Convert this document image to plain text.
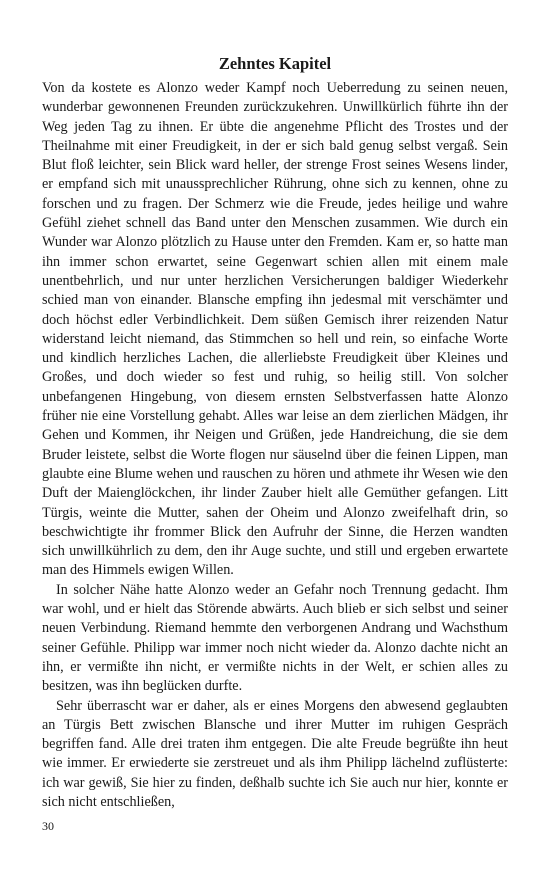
Zehntes Kapitel

Von da kostete es Alonzo weder Kampf noch Ueberredung zu seinen neuen, wunderbar gewonnenen Freunden zurückzukehren. Unwillkürlich führte ihn der Weg jeden Tag zu ihnen. Er übte die angenehme Pflicht des Trostes und der Theilnahme mit einer Freudigkeit, in der er sich bald genug selbst vergaß. Sein Blut floß leichter, sein Blick ward heller, der strenge Frost seines Wesens linder, er empfand sich mit unaussprechlicher Rührung, ohne sich zu kennen, ohne zu forschen und zu fragen. Der Schmerz wie die Freude, jedes heilige und wahre Gefühl ziehet schnell das Band unter den Menschen zusammen. Wie durch ein Wunder war Alonzo plötzlich zu Hause unter den Fremden. Kam er, so hatte man ihn immer schon erwartet, seine Gegenwart schien allen mit einem male unentbehrlich, und nur unter herzlichen Versicherungen baldiger Wiederkehr schied man von einander. Blansche empfing ihn jedesmal mit verschämter und doch höchst edler Verbindlichkeit. Dem süßen Gemisch ihrer reizenden Natur widerstand leicht niemand, das Stimmchen so hell und rein, so einfache Worte und kindlich herzliches Lachen, die allerliebste Freudigkeit über Kleines und Großes, und doch wieder so fest und ruhig, so heilig still. Von solcher unbefangenen Hingebung, von diesem ernsten Selbstverfassen hatte Alonzo früher nie eine Vorstellung gehabt. Alles war leise an dem zierlichen Mädgen, ihr Gehen und Kommen, ihr Neigen und Grüßen, jede Handreichung, die sie dem Bruder leistete, selbst die Worte flogen nur säuselnd über die feinen Lippen, man glaubte eine Blume wehen und rauschen zu hören und athmete ihr Wesen wie den Duft der Maienglöckchen, ihr linder Zauber hielt alle Gemüther gefangen. Litt Türgis, weinte die Mutter, sahen der Oheim und Alonzo zweifelhaft drin, so beschwichtigte ihr frommer Blick den Aufruhr der Sinne, die Herzen wandten sich unwillkührlich zu dem, den ihr Auge suchte, und still und ergeben erwartete man des Himmels ewigen Willen.

In solcher Nähe hatte Alonzo weder an Gefahr noch Trennung gedacht. Ihm war wohl, und er hielt das Störende abwärts. Auch blieb er sich selbst und seiner neuen Verbindung. Riemand hemmte den verborgenen Andrang und Wachsthum seiner Gefühle. Philipp war immer noch nicht wieder da. Alonzo dachte nicht an ihn, er vermißte ihn nicht, er vermißte nichts in der Welt, er schien alles zu besitzen, was ihn beglücken durfte.

Sehr überrascht war er daher, als er eines Morgens den abwesend geglaubten an Türgis Bett zwischen Blansche und ihrer Mutter im ruhigen Gespräch begriffen fand. Alle drei traten ihm entgegen. Die alte Freude begrüßte ihn heut wie immer. Er erwiederte sie zerstreuet und als ihm Philipp lächelnd zuflüsterte: ich war gewiß, Sie hier zu finden, deßhalb suchte ich Sie auch nur hier, konnte er sich nicht entschließen,

30
